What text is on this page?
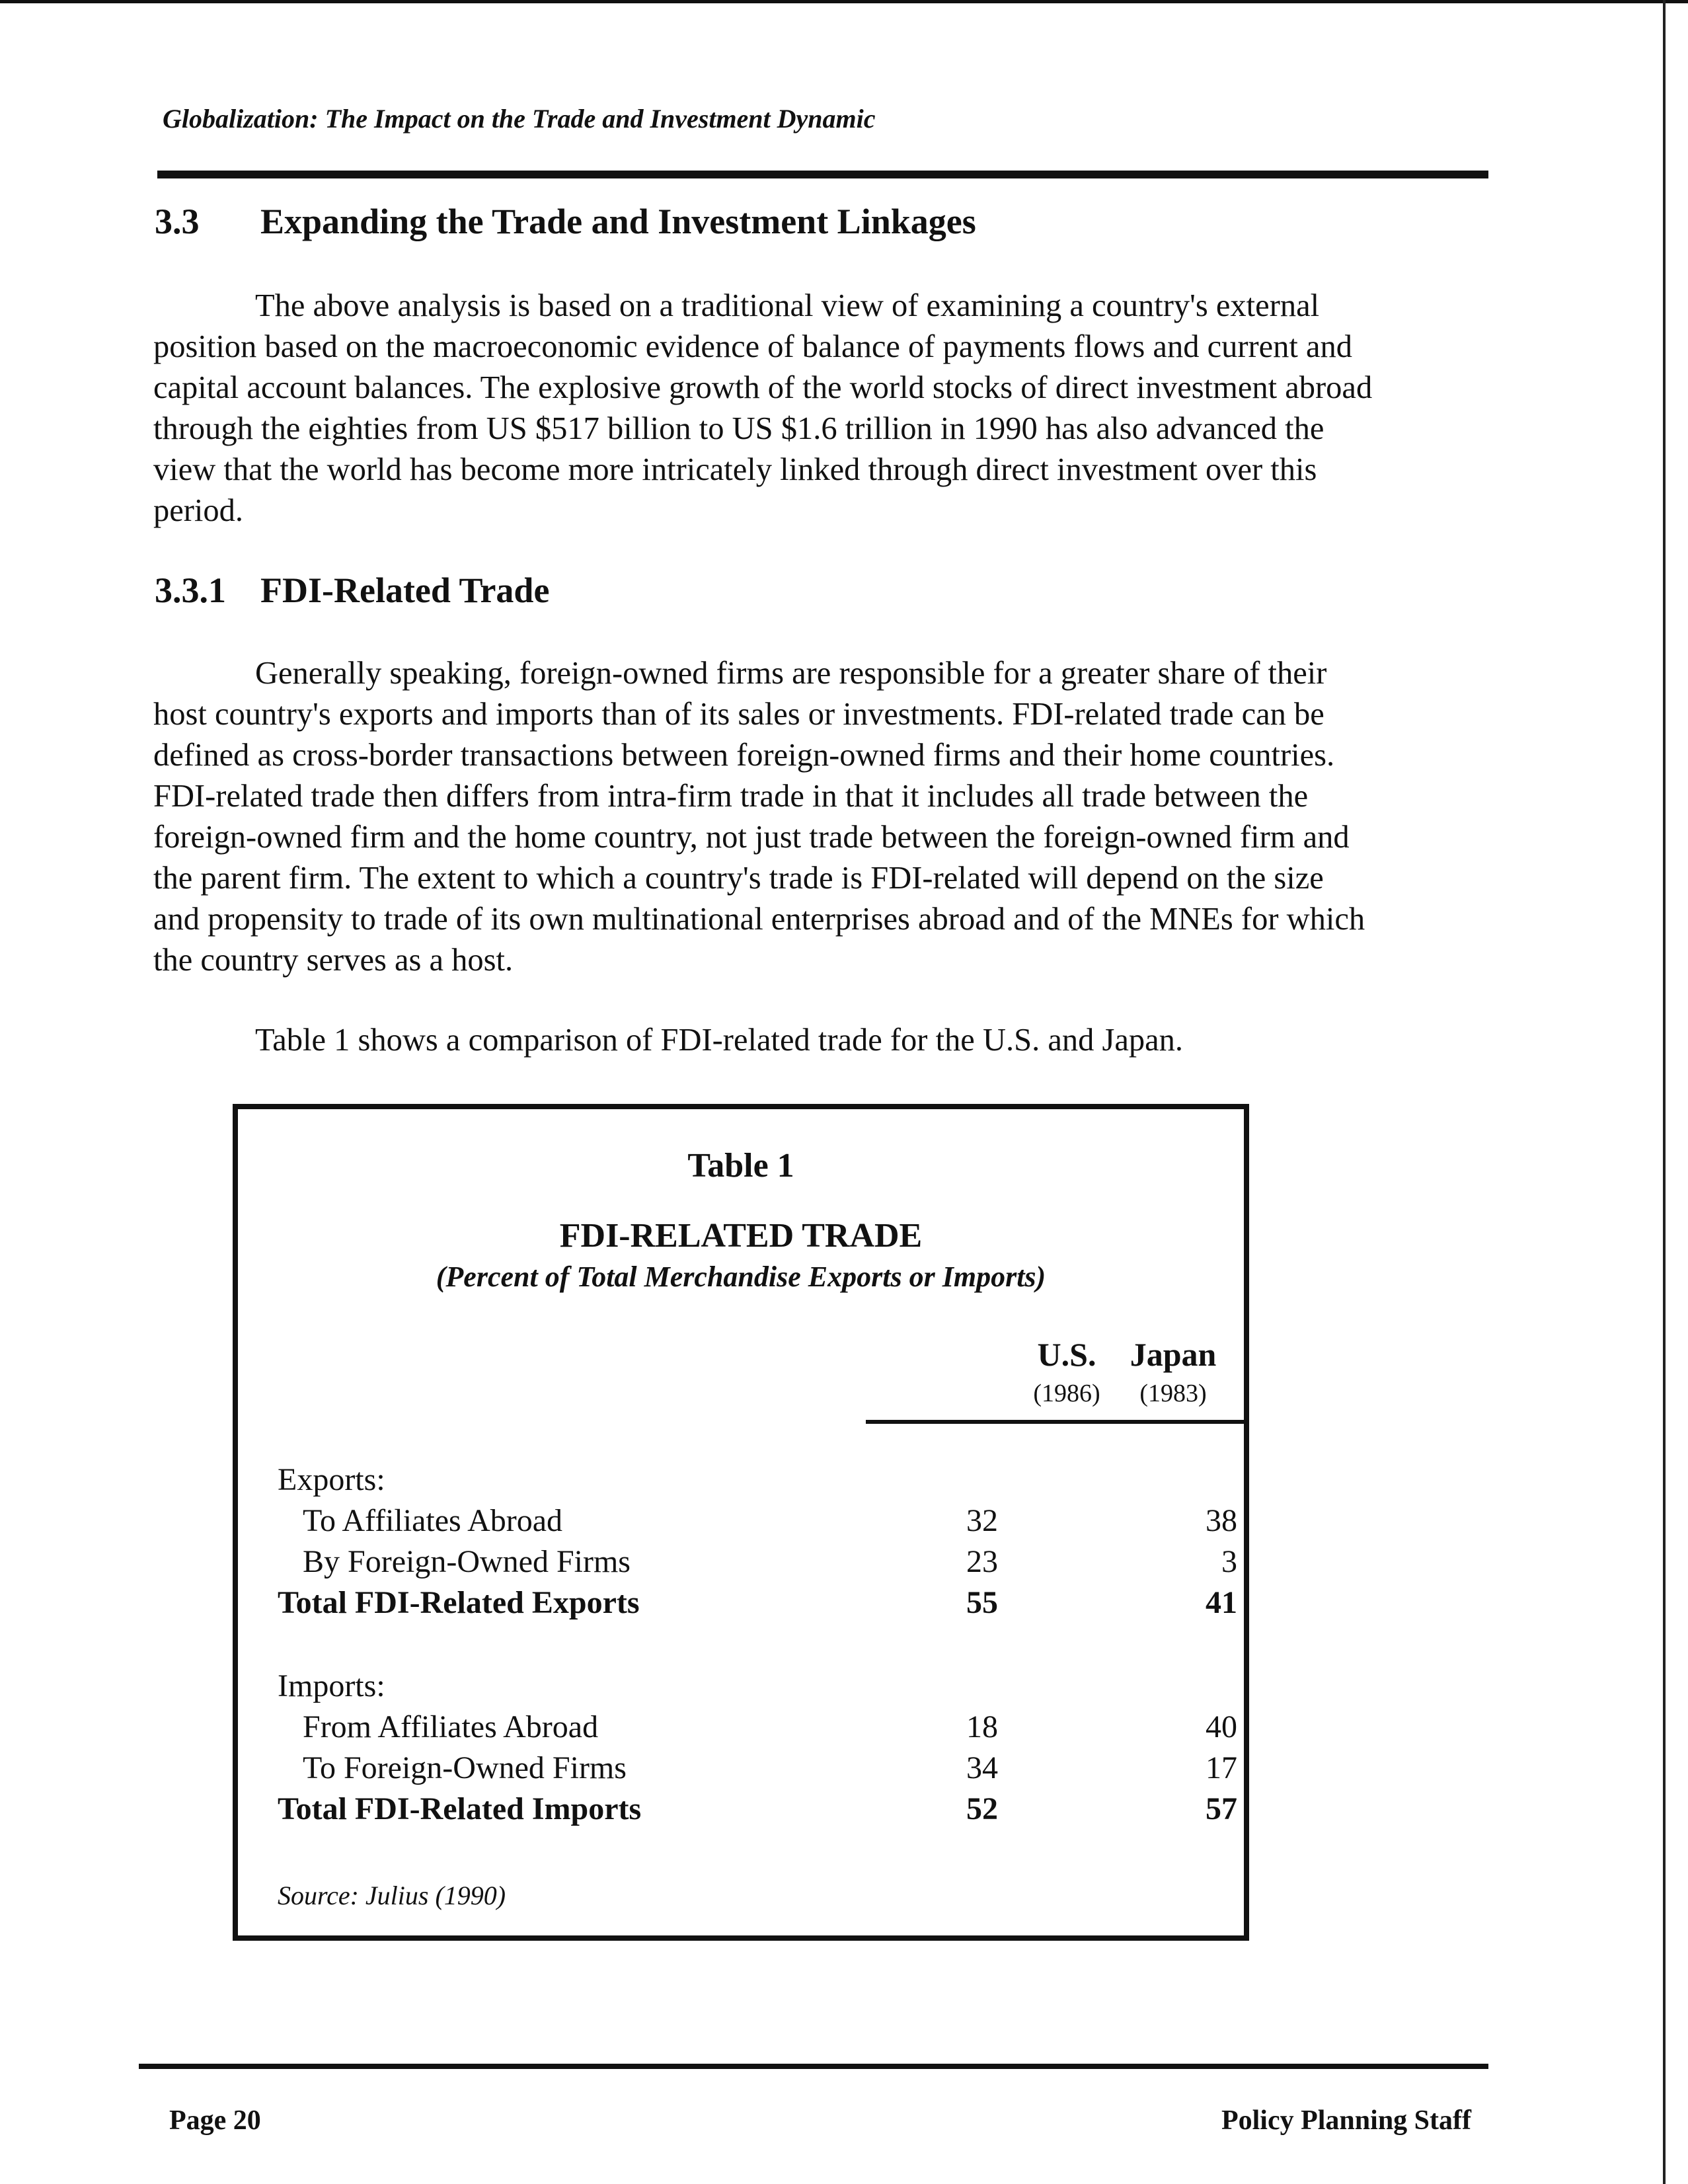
Globalization: The Impact on the Trade and Investment Dynamic
3.3 Expanding the Trade and Investment Linkages

The above analysis is based on a traditional view of examining a country's external
position based on the macroeconomic evidence of balance of payments flows and current and
capital account balances. The explosive growth of the world stocks of direct investment abroad
through the eighties from US $517 billion to US $1.6 trillion in 1990 has also advanced the
view that the world has become more intricately linked through direct investment over this
period.

3.3.1 FDI-Related Trade

Generally speaking, foreign-owned firms are responsible for a greater share of their
host country's exports and imports than of its sales or investments. FDI-related trade can be
defined as cross-border transactions between foreign-owned firms and their home countries.
FDI-related trade then differs from intra-firm trade in that it includes all trade between the
foreign-owned firm and the home country, not just trade between the foreign-owned firm and
the parent firm. The extent to which a country's trade is FDI-related will depend on the size
and propensity to trade of its own multinational enterprises abroad and of the MNEs for which
the country serves as a host.

Table 1 shows a comparison of FDI-related trade for the U.S. and Japan.
Table 1
FDI-RELATED TRADE
(Percent of Total Merchandise Exports or Imports)
U.S.
(1986)
Japan
(1983)
Exports:
To Affiliates Abroad	32	38
By Foreign-Owned Firms	23	3
Total FDI-Related Exports	55	41
Imports:
From Affiliates Abroad	18	40
To Foreign-Owned Firms	34	17
Total FDI-Related Imports	52	57
Source: Julius (1990)
Page 20	Policy Planning Staff
